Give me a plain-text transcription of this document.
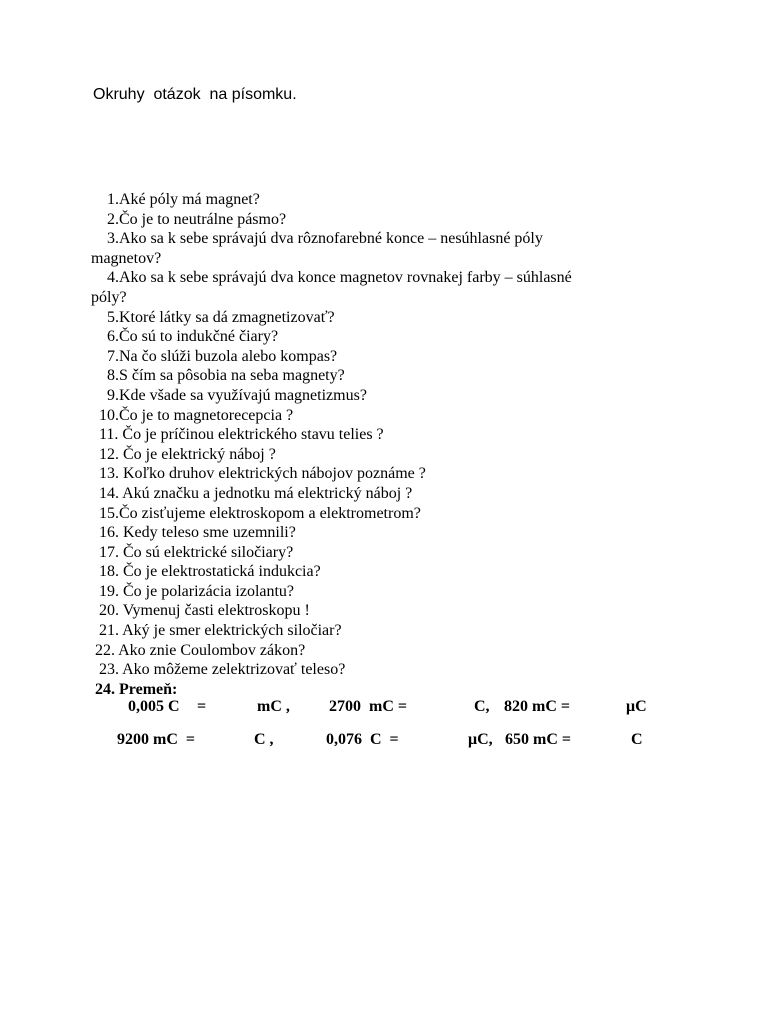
Okruhy  otázok  na písomku.

1.Aké póly má magnet?

2.Čo je to neutrálne pásmo?

3.Ako sa k sebe správajú dva rôznofarebné konce – nesúhlasné póly

magnetov?

4.Ako sa k sebe správajú dva konce magnetov rovnakej farby – súhlasné

póly?

5.Ktoré látky sa dá zmagnetizovať?

6.Čo sú to indukčné čiary?

7.Na čo slúži buzola alebo kompas?

8.S čím sa pôsobia na seba magnety?

9.Kde všade sa využívajú magnetizmus?

10.Čo je to magnetorecepcia ?

11. Čo je príčinou elektrického stavu telies ?

12. Čo je elektrický náboj ?

13. Koľko druhov elektrických nábojov poznáme ?

14. Akú značku a jednotku má elektrický náboj ?

15.Čo zisťujeme elektroskopom a elektrometrom?

16. Kedy teleso sme uzemnili?

17. Čo sú elektrické siločiary?

18. Čo je elektrostatická indukcia?

19. Čo je polarizácia izolantu?

20. Vymenuj časti elektroskopu !

21. Aký je smer elektrických siločiar?

22. Ako znie Coulombov zákon?

23. Ako môžeme zelektrizovať teleso?

24. Premeň:

0,005 C =	mC , 2700  mC =	C, 820 mC =	μC
9200 mC  =	C ,	0,076  C  =	μC, 650 mC =	C
